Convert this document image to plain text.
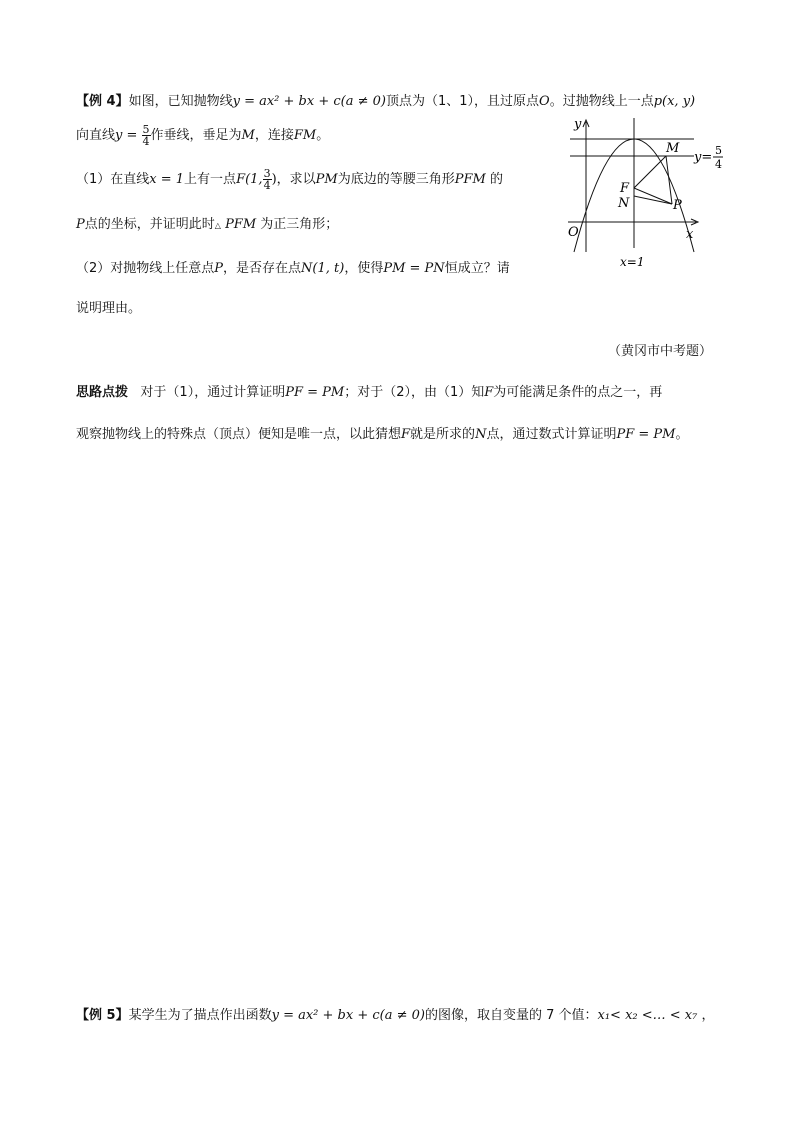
【例 4】如图，已知抛物线y = ax² + bx + c(a ≠ 0)顶点为（1、1），且过原点O。过抛物线上一点p(x, y)
向直线$y = \frac{5}{4}$ 作垂线，垂足为M，连接FM。
（1）在直线x = 1上有一点F(1, $\frac{3}{4}$ )，求以PM为底边的等腰三角形PFM 的
P点的坐标，并证明此时△ PFM 为正三角形；
（2）对抛物线上任意点P，是否存在点N(1, t)，使得PM = PN恒成立？请
说明理由。
（黄冈市中考题）
y
x
O
M
F
N	P
y= 5
4
x=1
思路点拨 对于（1），通过计算证明PF = PM；对于（2），由（1）知F为可能满足条件的点之一，再
观察抛物线上的特殊点（顶点）便知是唯一点，以此猜想F就是所求的N点，通过数式计算证明PF = PM。
【例 5】某学生为了描点作出函数y = ax² + bx + c(a ≠ 0)的图像，取自变量的 7 个值：x₁< x₂ <… < x₇ ，
